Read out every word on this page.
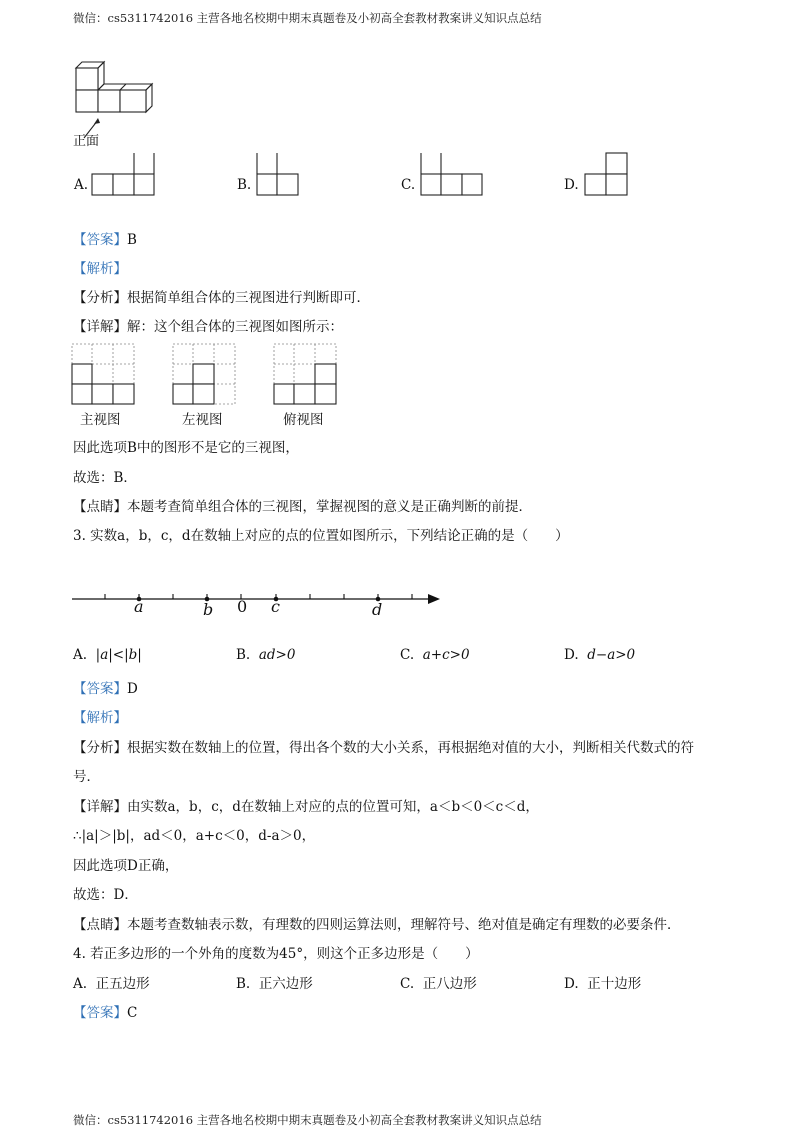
微信：cs5311742016 主营各地名校期中期末真题卷及小初高全套教材教案讲义知识点总结
正面
A.	B.	C.	D.
【答案】B
【解析】
【分析】根据简单组合体的三视图进行判断即可．
【详解】解：这个组合体的三视图如图所示：
主视图	左视图	俯视图
因此选项B中的图形不是它的三视图，
故选：B．
【点睛】本题考查简单组合体的三视图，掌握视图的意义是正确判断的前提．
3. 实数a，b，c，d在数轴上对应的点的位置如图所示，下列结论正确的是（　　）
a	b 0 c	d
A. |a|<|b|	B. ad>0	C. a+c>0	D. d−a>0
【答案】D
【解析】
【分析】根据实数在数轴上的位置，得出各个数的大小关系，再根据绝对值的大小，判断相关代数式的符
号．
【详解】由实数a，b，c，d在数轴上对应的点的位置可知，a＜b＜0＜c＜d，
∴|a|＞|b|，ad＜0，a+c＜0，d-a＞0，
因此选项D正确，
故选：D．
【点睛】本题考查数轴表示数，有理数的四则运算法则，理解符号、绝对值是确定有理数的必要条件．
4. 若正多边形的一个外角的度数为45°，则这个正多边形是（　　）
A. 正五边形	B. 正六边形	C. 正八边形	D. 正十边形
【答案】C
微信：cs5311742016 主营各地名校期中期末真题卷及小初高全套教材教案讲义知识点总结
